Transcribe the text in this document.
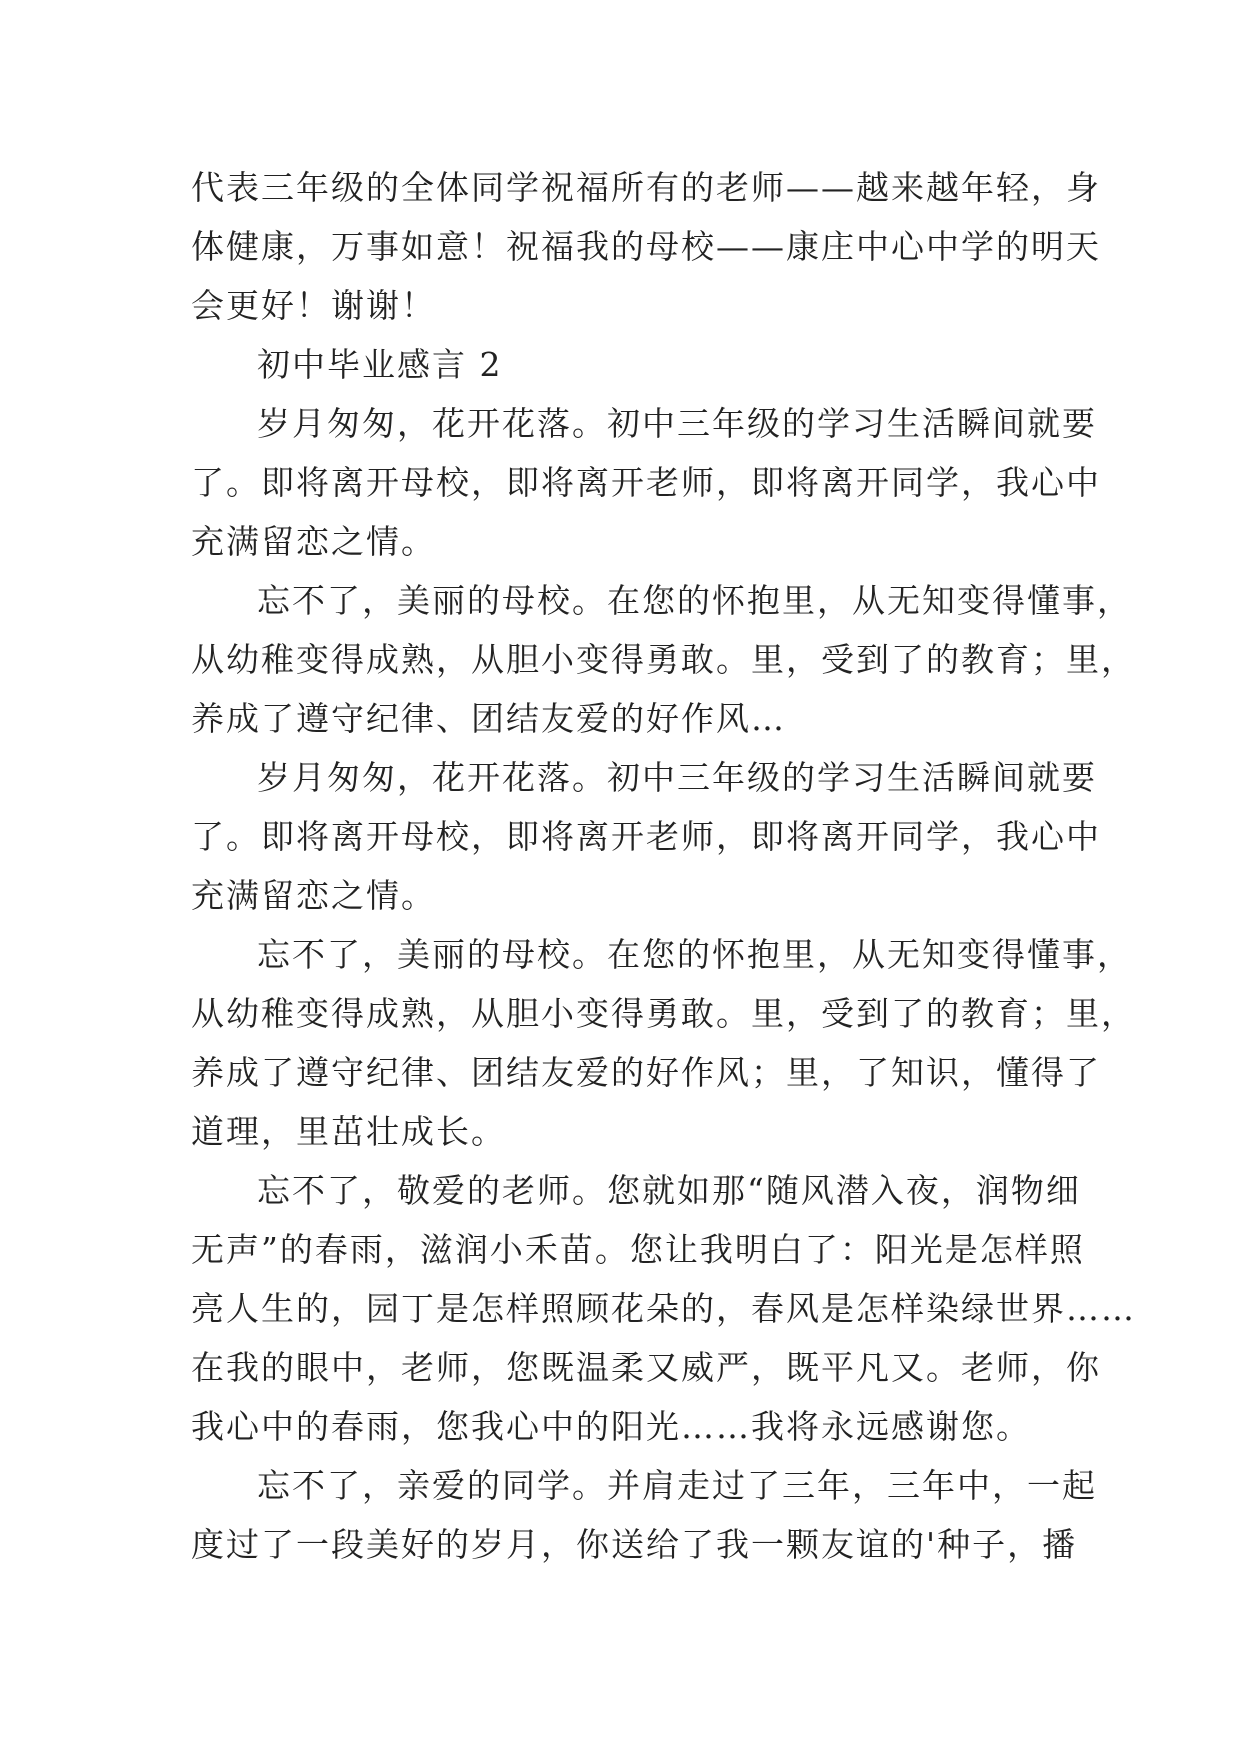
代表三年级的全体同学祝福所有的老师——越来越年轻，身
体健康，万事如意！祝福我的母校——康庄中心中学的明天
会更好！谢谢！
初中毕业感言 2
岁月匆匆，花开花落。初中三年级的学习生活瞬间就要
了。即将离开母校，即将离开老师，即将离开同学，我心中
充满留恋之情。
忘不了，美丽的母校。在您的怀抱里，从无知变得懂事，
从幼稚变得成熟，从胆小变得勇敢。里，受到了的教育；里，
养成了遵守纪律、团结友爱的好作风…
岁月匆匆，花开花落。初中三年级的学习生活瞬间就要
了。即将离开母校，即将离开老师，即将离开同学，我心中
充满留恋之情。
忘不了，美丽的母校。在您的怀抱里，从无知变得懂事，
从幼稚变得成熟，从胆小变得勇敢。里，受到了的教育；里，
养成了遵守纪律、团结友爱的好作风；里，了知识，懂得了
道理，里茁壮成长。
忘不了，敬爱的老师。您就如那“随风潜入夜，润物细
无声”的春雨，滋润小禾苗。您让我明白了：阳光是怎样照
亮人生的，园丁是怎样照顾花朵的，春风是怎样染绿世界……
在我的眼中，老师，您既温柔又威严，既平凡又。老师，你
我心中的春雨，您我心中的阳光……我将永远感谢您。
忘不了，亲爱的同学。并肩走过了三年，三年中，一起
度过了一段美好的岁月，你送给了我一颗友谊的'种子，播
